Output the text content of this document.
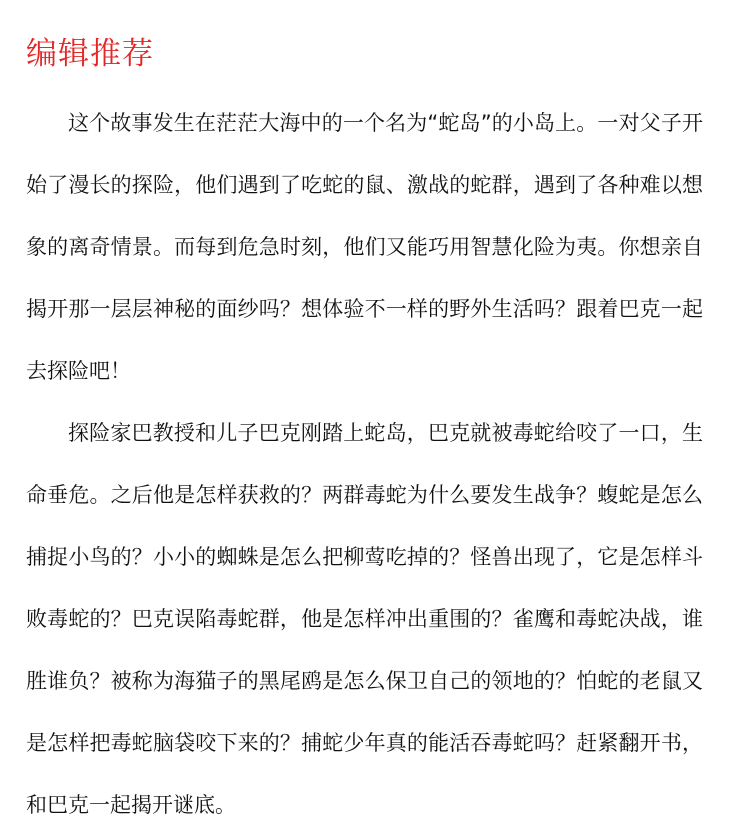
编辑推荐

这个故事发生在茫茫大海中的一个名为“蛇岛”的小岛上。一对父子开始了漫长的探险，他们遇到了吃蛇的鼠、激战的蛇群，遇到了各种难以想象的离奇情景。而每到危急时刻，他们又能巧用智慧化险为夷。你想亲自揭开那一层层神秘的面纱吗？想体验不一样的野外生活吗？跟着巴克一起去探险吧！

探险家巴教授和儿子巴克刚踏上蛇岛，巴克就被毒蛇给咬了一口，生命垂危。之后他是怎样获救的？两群毒蛇为什么要发生战争？蝮蛇是怎么捕捉小鸟的？小小的蜘蛛是怎么把柳莺吃掉的？怪兽出现了，它是怎样斗败毒蛇的？巴克误陷毒蛇群，他是怎样冲出重围的？雀鹰和毒蛇决战，谁胜谁负？被称为海猫子的黑尾鸥是怎么保卫自己的领地的？怕蛇的老鼠又是怎样把毒蛇脑袋咬下来的？捕蛇少年真的能活吞毒蛇吗？赶紧翻开书，和巴克一起揭开谜底。
